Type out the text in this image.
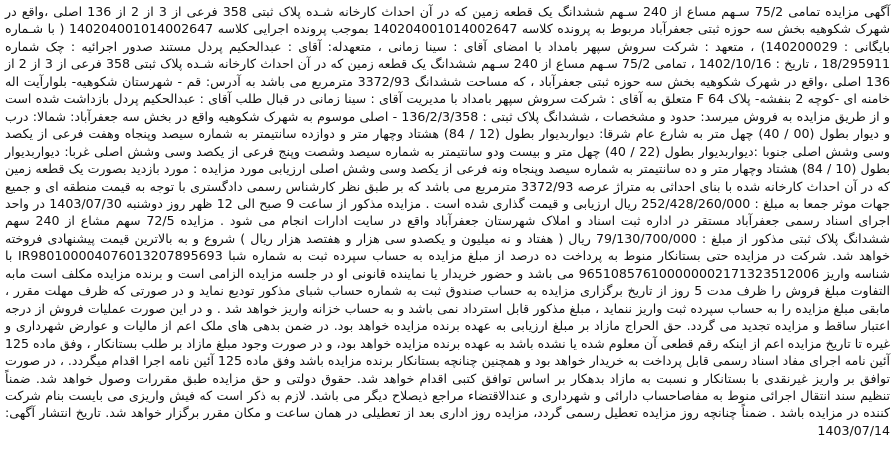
آگهی مزایده تمامی 75/2 سـهم مساع از 240 سـهم ششدانگ یک قطعه زمین که در آن احداث کارخانه شـده پلاک ثبتی 358 فرعی از 3 از 2 از 136 اصلی ،واقع در شهرک شکوهیه بخش سه حوزه ثبتی جعفرآباد مربوط به پرونده کلاسه 140204001014002647 بموجب پرونده اجرایی کلاسه 140204001014002647 ( با شـماره بایگانی : 140200029) ، متعهد : شرکت سروش سپهر بامداد با امضای آقای : سینا زمانی ، متعهدله: آقای : عبدالحکیم پردل مستند صدور اجرائیه : چک شماره 18/295911 ، تاریخ : 1402/10/16 ، تمامی 75/2 سـهم مساع از 240 سـهم ششدانگ یک قطعه زمین که در آن احداث کارخانه شـده پلاک ثبتی 358 فرعی از 3 از 2 از 136 اصلی ،واقع در شهرک شکوهیه بخش سه حوزه ثبتی جعفرآباد ، که مساحت ششدانگ 3372/93 مترمربع می باشد به آدرس: قم - شهرستان شکوهیه- بلوارآیت اله خامنه ای -کوچه 2 بنفشه- پلاک 64 F متعلق به آقای : شرکت سروش سپهر بامداد با مدیریت آقای : سینا زمانی در قبال طلب آقای : عبدالحکیم پردل بازداشت شده است و از طریق مزایده به فروش میرسد: حدود و مشخصات ، ششدانگ پلاک ثبتی : 136/2/3/358 - اصلی موسوم به شهرک شکوهیه واقع در بخش سه جعفرآباد: شمالا: درب و دیوار بطول (00 / 40) چهل متر به شارع عام شرقا: دیواربدیوار بطول (12 / 84) هشتاد وچهار متر و دوازده سانتیمتر به شماره سیصد وپنجاه وهفت فرعی از یکصد وسی وشش اصلی جنوبا :دیواربدیوار بطول (22 / 40) چهل متر و بیست ودو سانتیمتر به شماره سیصد وشصت وپنج فرعی از یکصد وسی وشش اصلی غربا: دیواربدیوار بطول (10 / 84) هشتاد وچهار متر و ده سانتیمتر به شماره سیصد وپنجاه ونه فرعی از یکصد وسی وشش اصلی ارزیابی مورد مزایده : مورد بازدید بصورت یک قطعه زمین که در آن احداث کارخانه شده با بنای احداثی به متراژ عرصه 3372/93 مترمربع می باشد که بر طبق نظر کارشناس رسمی دادگستری با توجه به قیمت منطقه ای و جمیع جهات موثر جمعا به مبلغ : 252/428/260/000 ریال ارزیابی و قیمت گذاری شده است . مزایده مذکور از ساعت 9 صبح الی 12 ظهر روز دوشنبه 1403/07/30 در واحد اجرای اسناد رسمی جعفرآباد مستقر در اداره ثبت اسناد و املاک شهرستان جعفرآباد واقع در سایت ادارات انجام می شود . مزایده 72/5 سهم مشاع از 240 سهم ششدانگ پلاک ثبتی مذکور از مبلغ : 79/130/700/000 ریال ( هفتاد و نه میلیون و یکصدو سی هزار و هفتصد هزار ریال ) شروع و به بالاترین قیمت پیشنهادی فروخته خواهد شد. شرکت در مزایده حتی بستانکار منوط به پرداخت ده درصد از مبلغ مزایده به حساب سپرده ثبت به شماره شبا IR980100004076013207895693 با شناسه واریز 965108576100000002171323512006 می باشد و حضور خریدار یا نماینده قانونی او در جلسه مزایده الزامی است و برنده مزایده مکلف است مابه التفاوت مبلغ فروش را ظرف مدت 5 روز از تاریخ برگزاری مزایده به حساب صندوق ثبت به شماره حساب شبای مذکور تودیع نماید و در صورتی که ظرف مهلت مقرر ، مابقی مبلغ مزایده را به حساب سپرده ثبت واریز ننماید ، مبلغ مذکور قابل استرداد نمی باشد و به حساب خزانه واریز خواهد شد . و در این صورت عملیات فروش از درجه اعتبار ساقط و مزایده تجدید می گردد. حق الحراج مازاد بر مبلغ ارزیابی به عهده برنده مزایده خواهد بود. در ضمن بدهی های ملک اعم از مالیات و عوارض شهرداری و غیره تا تاریخ مزایده اعم از اینکه رقم قطعی آن معلوم شده یا نشده باشد به عهده برنده مزایده خواهد بود، و در صورت وجود مبلغ مازاد بر طلب بستانکار ، وفق ماده 125 آئین نامه اجرای مفاد اسناد رسمی قابل پرداخت به خریدار خواهد بود و همچنین چنانچه بستانکار برنده مزایده باشد وفق ماده 125 آئین نامه اجرا اقدام میگردد. ، در صورت توافق بر واریز غیرنقدی با بستانکار و نسبت به مازاد بدهکار بر اساس توافق کتبی اقدام خواهد شد. حقوق دولتی و حق مزایده طبق مقررات وصول خواهد شد. ضمناً تنظیم سند انتقال اجرائی منوط به مفاصاحساب دارائی و شهرداری و عندالاقتضاء مراجع ذیصلاح دیگر می باشد. لازم به ذکر است که فیش واریزی می بایست بنام شرکت کننده در مزایده باشد . ضمناً چنانچه روز مزایده تعطیل رسمی گردد، مزایده روز اداری بعد از تعطیلی در همان ساعت و مکان مقرر برگزار خواهد شد. تاریخ انتشار آگهی: 1403/07/14
